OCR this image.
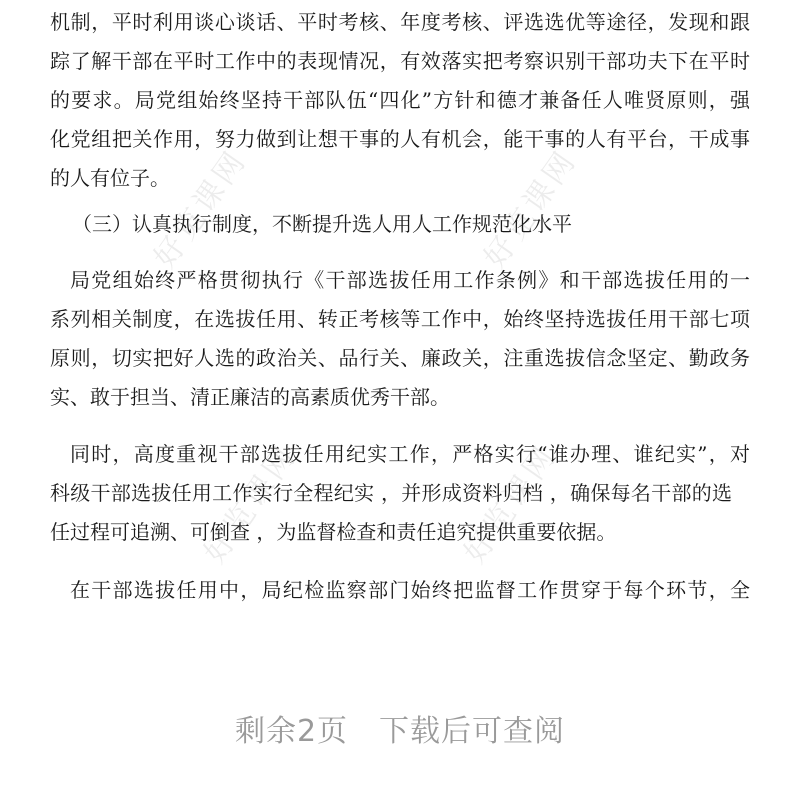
好览课网	好览课网
好览课网	好览课网
机制，平时利用谈心谈话、平时考核、年度考核、评选选优等途径，发现和跟
踪了解干部在平时工作中的表现情况，有效落实把考察识别干部功夫下在平时
的要求。局党组始终坚持干部队伍“四化”方针和德才兼备任人唯贤原则，强
化党组把关作用，努力做到让想干事的人有机会，能干事的人有平台，干成事
的人有位子。
（三）认真执行制度，不断提升选人用人工作规范化水平
局党组始终严格贯彻执行《干部选拔任用工作条例》和干部选拔任用的一
系列相关制度，在选拔任用、转正考核等工作中，始终坚持选拔任用干部七项
原则，切实把好人选的政治关、品行关、廉政关，注重选拔信念坚定、勤政务
实、敢于担当、清正廉洁的高素质优秀干部。
同时，高度重视干部选拔任用纪实工作，严格实行“谁办理、谁纪实”，对
科级干部选拔任用工作实行全程纪实 ，并形成资料归档 ，确保每名干部的选
任过程可追溯、可倒查 ，为监督检查和责任追究提供重要依据。
在干部选拔任用中，局纪检监察部门始终把监督工作贯穿于每个环节，全
剩余2页　下载后可查阅
